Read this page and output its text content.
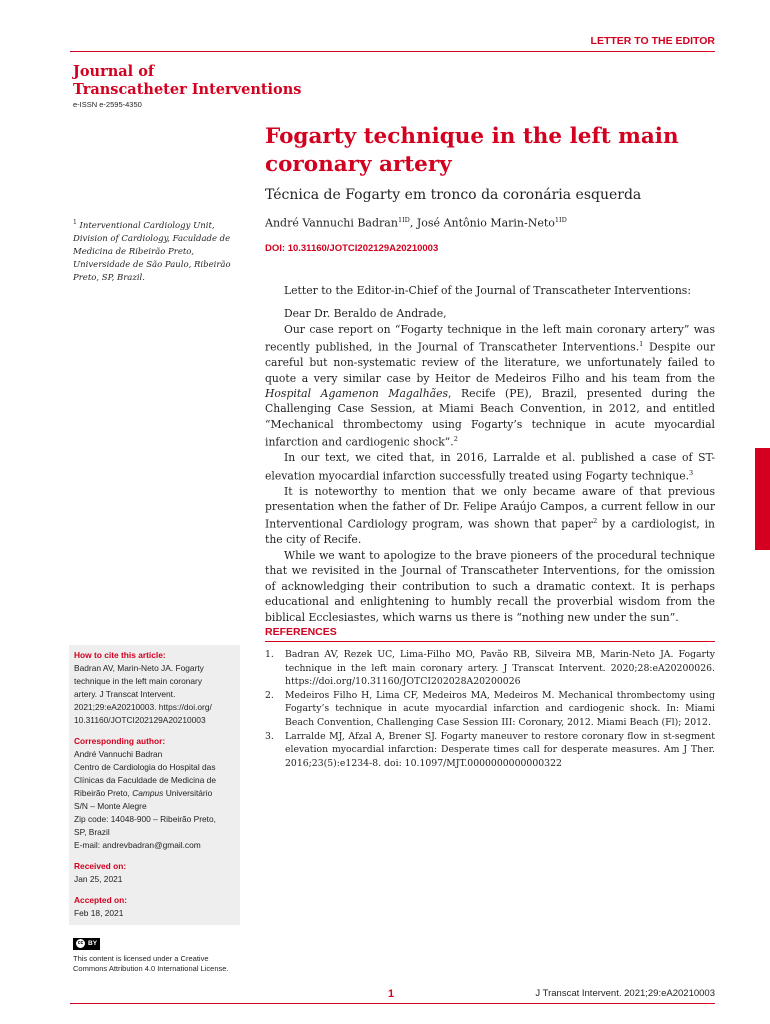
LETTER TO THE EDITOR
Journal of
Transcatheter Interventions
e-ISSN e-2595-4350
Fogarty technique in the left main
coronary artery
Técnica de Fogarty em tronco da coronária esquerda
André Vannuchi Badran$^{1ID}$, José Antônio Marin-Neto$^{1ID}$
DOI: 10.31160/JOTCI202129A20210003
$^1$ Interventional Cardiology Unit, Division of Cardiology, Faculdade de Medicina de Ribeirão Preto, Universidade de São Paulo, Ribeirão Preto, SP, Brazil.

Letter to the Editor-in-Chief of the Journal of Transcatheter Interventions:

Dear Dr. Beraldo de Andrade,

Our case report on “Fogarty technique in the left main coronary artery” was recently published, in the Journal of Transcatheter Interventions.$^1$ Despite our careful but non-systematic review of the literature, we unfortunately failed to quote a very similar case by Heitor de Medeiros Filho and his team from the Hospital Agamenon Magalhães, Recife (PE), Brazil, presented during the Challenging Case Session, at Miami Beach Convention, in 2012, and entitled “Mechanical thrombectomy using Fogarty’s technique in acute myocardial infarction and cardiogenic shock”.$^2$

In our text, we cited that, in 2016, Larralde et al. published a case of ST-elevation myocardial infarction successfully treated using Fogarty technique.$^3$

It is noteworthy to mention that we only became aware of that previous presentation when the father of Dr. Felipe Araújo Campos, a current fellow in our Interventional Cardiology program, was shown that paper$^2$ by a cardiologist, in the city of Recife.

While we want to apologize to the brave pioneers of the procedural technique that we revisited in the Journal of Transcatheter Interventions, for the omission of acknowledging their contribution to such a dramatic context. It is perhaps educational and enlightening to humbly recall the proverbial wisdom from the biblical Ecclesiastes, which warns us there is “nothing new under the sun”.

REFERENCES
1. Badran AV, Rezek UC, Lima-Filho MO, Pavão RB, Silveira MB, Marin-Neto JA. Fogarty technique in the left main coronary artery. J Transcat Intervent. 2020;28:eA20200026. https://doi.org/10.31160/JOTCI202028A20200026
2. Medeiros Filho H, Lima CF, Medeiros MA, Medeiros M. Mechanical thrombectomy using Fogarty’s technique in acute myocardial infarction and cardiogenic shock. In: Miami Beach Convention, Challenging Case Session III: Coronary, 2012. Miami Beach (Fl); 2012.
3. Larralde MJ, Afzal A, Brener SJ. Fogarty maneuver to restore coronary flow in st-segment elevation myocardial infarction: Desperate times call for desperate measures. Am J Ther. 2016;23(5):e1234-8. doi: 10.1097/MJT.0000000000000322
How to cite this article:
Badran AV, Marin-Neto JA. Fogarty
technique in the left main coronary
artery. J Transcat Intervent.
2021;29:eA20210003. https://doi.org/
10.31160/JOTCI202129A20210003
Corresponding author:
André Vannuchi Badran
Centro de Cardiologia do Hospital das
Clínicas da Faculdade de Medicina de
Ribeirão Preto, Campus Universitário
S/N – Monte Alegre
Zip code: 14048-900 – Ribeirão Preto,
SP, Brazil
E-mail: andrevbadran@gmail.com
Received on:
Jan 25, 2021
Accepted on:
Feb 18, 2021
cc BY
This content is licensed under a Creative
Commons Attribution 4.0 International License.
1	J Transcat Intervent. 2021;29:eA20210003
